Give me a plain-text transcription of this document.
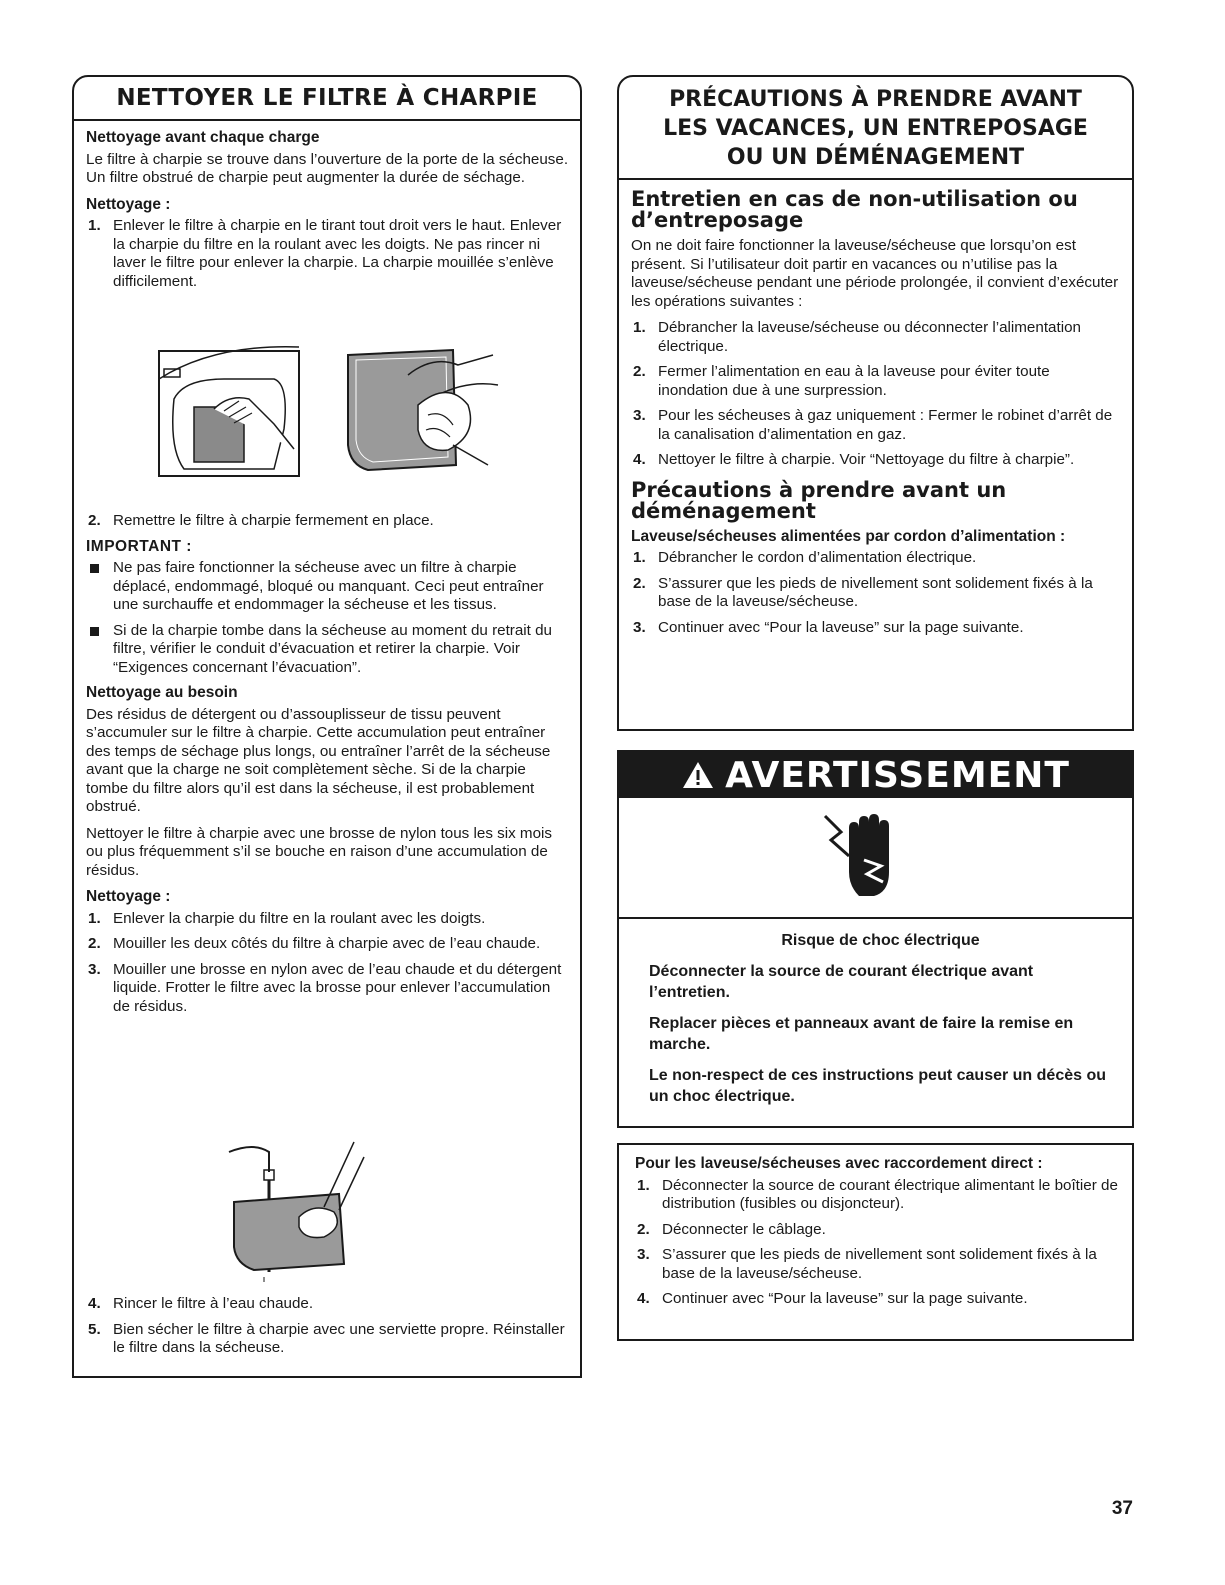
NETTOYER LE FILTRE À CHARPIE
Nettoyage avant chaque charge
Le filtre à charpie se trouve dans l’ouverture de la porte de la sécheuse. Un filtre obstrué de charpie peut augmenter la durée de séchage.
Nettoyage :
1. Enlever le filtre à charpie en le tirant tout droit vers le haut. Enlever la charpie du filtre en la roulant avec les doigts. Ne pas rincer ni laver le filtre pour enlever la charpie. La charpie mouillée s’enlève difficilement.
2. Remettre le filtre à charpie fermement en place.
IMPORTANT :
Ne pas faire fonctionner la sécheuse avec un filtre à charpie déplacé, endommagé, bloqué ou manquant. Ceci peut entraîner une surchauffe et endommager la sécheuse et les tissus.
Si de la charpie tombe dans la sécheuse au moment du retrait du filtre, vérifier le conduit d’évacuation et retirer la charpie. Voir “Exigences concernant l’évacuation”.
Nettoyage au besoin
Des résidus de détergent ou d’assouplisseur de tissu peuvent s’accumuler sur le filtre à charpie. Cette accumulation peut entraîner des temps de séchage plus longs, ou entraîner l’arrêt de la sécheuse avant que la charge ne soit complètement sèche. Si de la charpie tombe du filtre alors qu’il est dans la sécheuse, il est probablement obstrué.
Nettoyer le filtre à charpie avec une brosse de nylon tous les six mois ou plus fréquemment s’il se bouche en raison d’une accumulation de résidus.
Nettoyage :
1. Enlever la charpie du filtre en la roulant avec les doigts.
2. Mouiller les deux côtés du filtre à charpie avec de l’eau chaude.
3. Mouiller une brosse en nylon avec de l’eau chaude et du détergent liquide. Frotter le filtre avec la brosse pour enlever l’accumulation de résidus.
4. Rincer le filtre à l’eau chaude.
5. Bien sécher le filtre à charpie avec une serviette propre. Réinstaller le filtre dans la sécheuse.
PRÉCAUTIONS À PRENDRE AVANT
LES VACANCES, UN ENTREPOSAGE
OU UN DÉMÉNAGEMENT
Entretien en cas de non-utilisation ou d’entreposage
On ne doit faire fonctionner la laveuse/sécheuse que lorsqu’on est présent. Si l’utilisateur doit partir en vacances ou n’utilise pas la laveuse/sécheuse pendant une période prolongée, il convient d’exécuter les opérations suivantes :
1. Débrancher la laveuse/sécheuse ou déconnecter l’alimentation électrique.
2. Fermer l’alimentation en eau à la laveuse pour éviter toute inondation due à une surpression.
3. Pour les sécheuses à gaz uniquement : Fermer le robinet d’arrêt de la canalisation d’alimentation en gaz.
4. Nettoyer le filtre à charpie. Voir “Nettoyage du filtre à charpie”.
Précautions à prendre avant un déménagement
Laveuse/sécheuses alimentées par cordon d’alimentation :
1. Débrancher le cordon d’alimentation électrique.
2. S’assurer que les pieds de nivellement sont solidement fixés à la base de la laveuse/sécheuse.
3. Continuer avec “Pour la laveuse” sur la page suivante.
AVERTISSEMENT

Risque de choc électrique

Déconnecter la source de courant électrique avant l’entretien.

Replacer pièces et panneaux avant de faire la remise en marche.

Le non-respect de ces instructions peut causer un décès ou un choc électrique.

Pour les laveuse/sécheuses avec raccordement direct :
1. Déconnecter la source de courant électrique alimentant le boîtier de distribution (fusibles ou disjoncteur).
2. Déconnecter le câblage.
3. S’assurer que les pieds de nivellement sont solidement fixés à la base de la laveuse/sécheuse.
4. Continuer avec “Pour la laveuse” sur la page suivante.
37
